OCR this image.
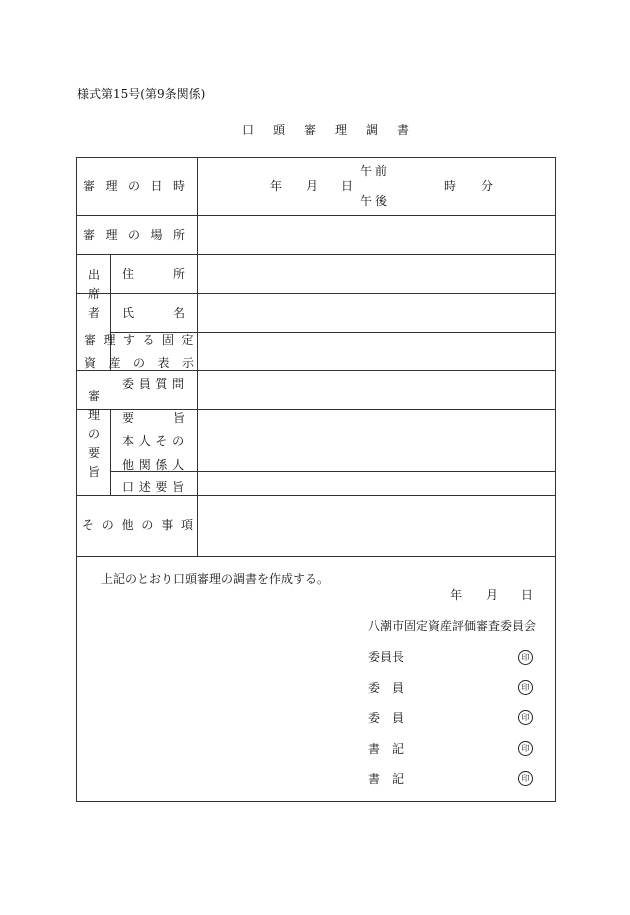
様式第15号(第9条関係)
口頭審理調書
審理の日時
午前
午後
年 月 日	時 分
審理の場所
出席者
住所
氏名
審理する固定
資産の表示
審理の要旨
委員質問
要旨
本人その
他関係人
口述要旨
その他の事項
上記のとおり口頭審理の調書を作成する。
年 月 日
八潮市固定資産評価審査委員会
委員長
委　員
委　員
書　記
書　記
印
印
印
印
印
